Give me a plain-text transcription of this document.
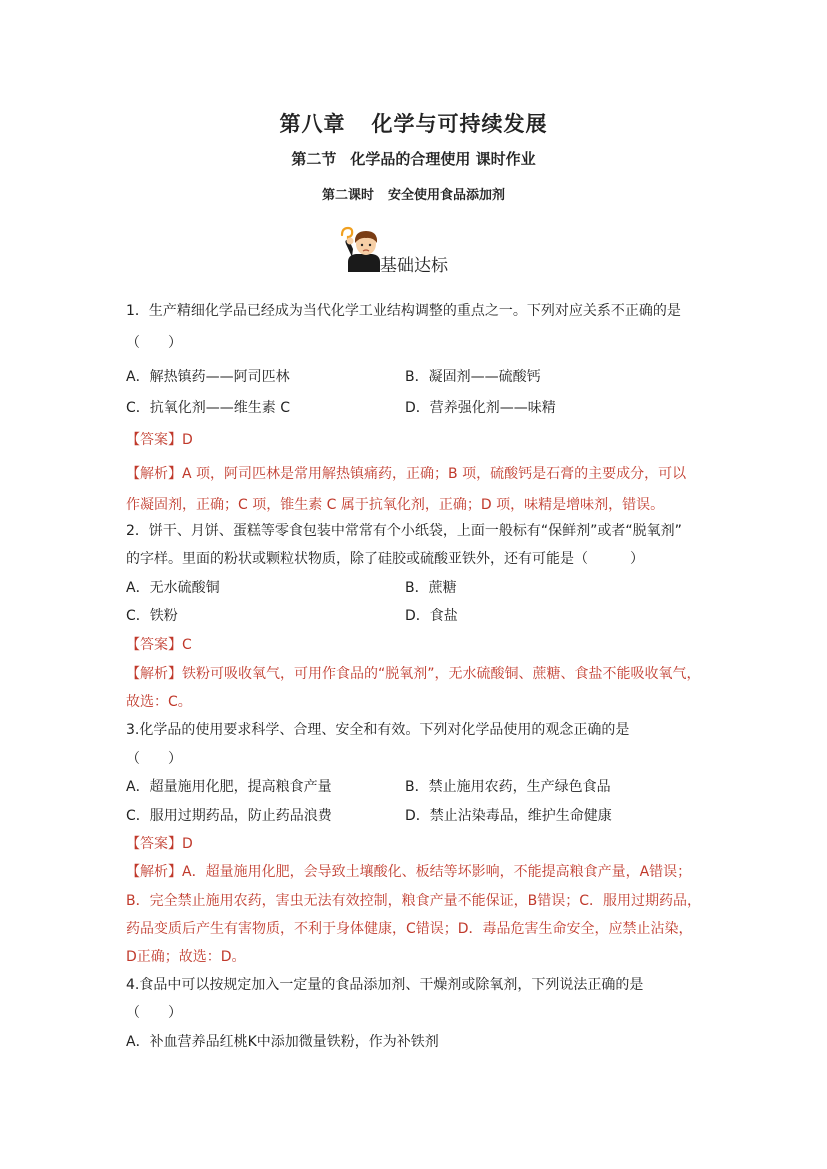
第八章 化学与可持续发展
第二节 化学品的合理使用 课时作业
第二课时 安全使用食品添加剂
基础达标
1．生产精细化学品已经成为当代化学工业结构调整的重点之一。下列对应关系不正确的是
（　　）
A．解热镇药——阿司匹林	B．凝固剂——硫酸钙
C．抗氧化剂——维生素 C	D．营养强化剂——味精
【答案】D
【解析】A 项，阿司匹林是常用解热镇痛药，正确；B 项，硫酸钙是石膏的主要成分，可以
作凝固剂，正确；C 项，锥生素 C 属于抗氧化剂，正确；D 项，味精是增味剂，错误。
2．饼干、月饼、蛋糕等零食包装中常常有个小纸袋，上面一般标有“保鲜剂”或者“脱氧剂”
的字样。里面的粉状或颗粒状物质，除了硅胶或硫酸亚铁外，还有可能是（　　　）
A．无水硫酸铜	B．蔗糖
C．铁粉	D．食盐
【答案】C
【解析】铁粉可吸收氧气，可用作食品的“脱氧剂”，无水硫酸铜、蔗糖、食盐不能吸收氧气，
故选：C。
3.化学品的使用要求科学、合理、安全和有效。下列对化学品使用的观念正确的是
（　　）
A．超量施用化肥，提高粮食产量	B．禁止施用农药，生产绿色食品
C．服用过期药品，防止药品浪费	D．禁止沾染毒品，维护生命健康
【答案】D
【解析】A．超量施用化肥，会导致土壤酸化、板结等坏影响，不能提高粮食产量，A错误；
B．完全禁止施用农药，害虫无法有效控制，粮食产量不能保证，B错误；C．服用过期药品，
药品变质后产生有害物质，不利于身体健康，C错误；D．毒品危害生命安全，应禁止沾染，
D正确；故选：D。
4.食品中可以按规定加入一定量的食品添加剂、干燥剂或除氧剂，下列说法正确的是
（　　）
A．补血营养品红桃K中添加微量铁粉，作为补铁剂
